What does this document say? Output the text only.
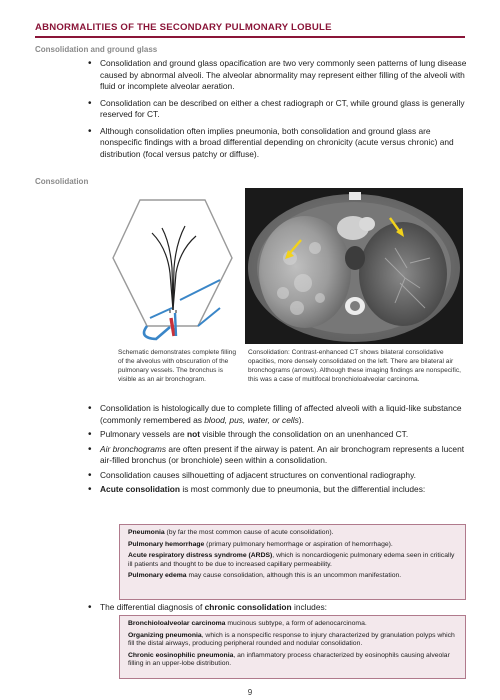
ABNORMALITIES OF THE SECONDARY PULMONARY LOBULE
Consolidation and ground glass
• Consolidation and ground glass opacification are two very commonly seen patterns of lung disease caused by abnormal alveoli. The alveolar abnormality may represent either filling of the alveoli with fluid or incomplete alveolar aeration.
• Consolidation can be described on either a chest radiograph or CT, while ground glass is generally reserved for CT.
• Although consolidation often implies pneumonia, both consolidation and ground glass are nonspecific findings with a broad differential depending on chronicity (acute versus chronic) and distribution (focal versus patchy or diffuse).
Consolidation
Schematic demonstrates complete filling of the alveolus with obscuration of the pulmonary vessels. The bronchus is visible as an air bronchogram.
Consolidation: Contrast-enhanced CT shows bilateral consolidative opacities, more densely consolidated on the left. There are bilateral air bronchograms (arrows). Although these imaging findings are nonspecific, this was a case of multifocal bronchioloalveolar carcinoma.
• Consolidation is histologically due to complete filling of affected alveoli with a liquid-like substance (commonly remembered as blood, pus, water, or cells).
• Pulmonary vessels are not visible through the consolidation on an unenhanced CT.
• Air bronchograms are often present if the airway is patent. An air bronchogram represents a lucent air-filled bronchus (or bronchiole) seen within a consolidation.
• Consolidation causes silhouetting of adjacent structures on conventional radiography.
• Acute consolidation is most commonly due to pneumonia, but the differential includes:
Pneumonia (by far the most common cause of acute consolidation).
Pulmonary hemorrhage (primary pulmonary hemorrhage or aspiration of hemorrhage).
Acute respiratory distress syndrome (ARDS), which is noncardiogenic pulmonary edema seen in critically ill patients and thought to be due to increased capillary permeability.
Pulmonary edema may cause consolidation, although this is an uncommon manifestation.
• The differential diagnosis of chronic consolidation includes:
Bronchioloalveolar carcinoma mucinous subtype, a form of adenocarcinoma.
Organizing pneumonia, which is a nonspecific response to injury characterized by granulation polyps which fill the distal airways, producing peripheral rounded and nodular consolidation.
Chronic eosinophilic pneumonia, an inflammatory process characterized by eosinophils causing alveolar filling in an upper-lobe distribution.
9
